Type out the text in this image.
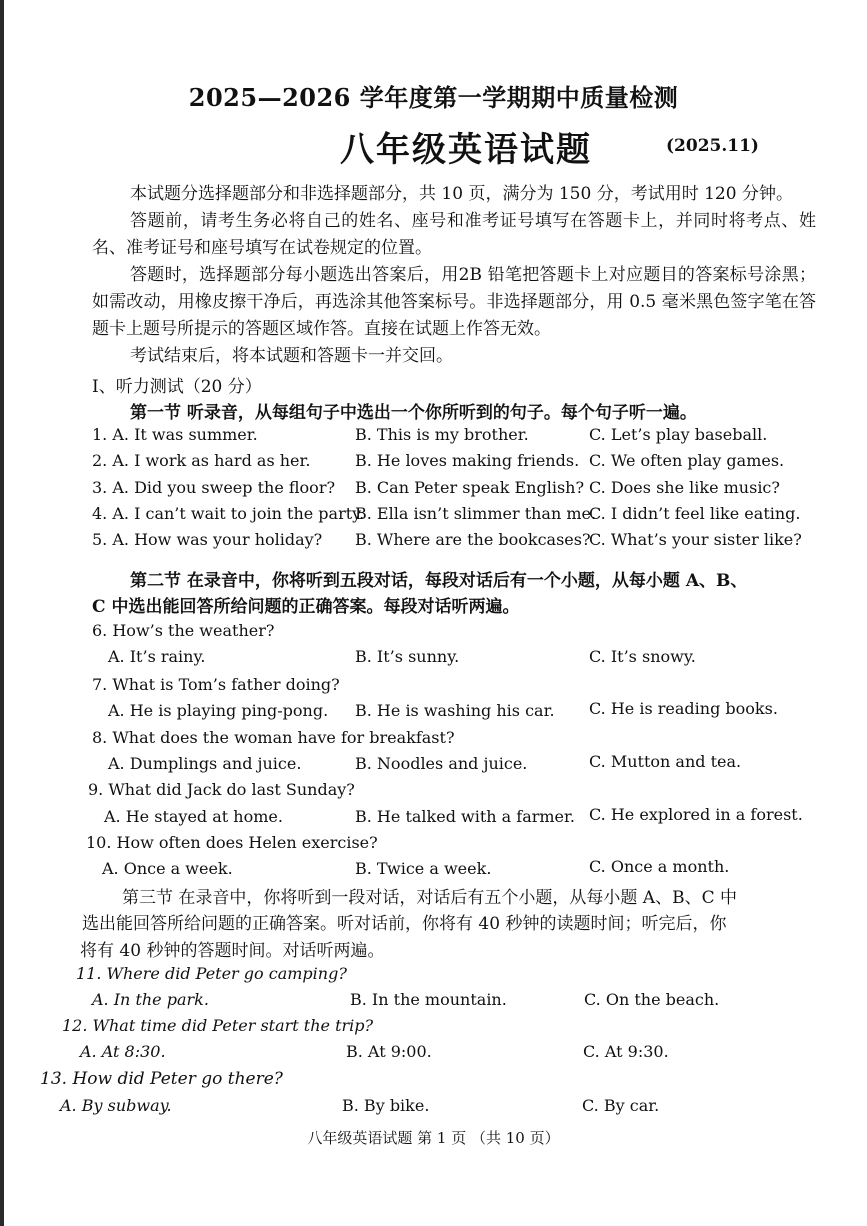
2025—2026 学年度第一学期期中质量检测
八年级英语试题	(2025.11)
本试题分选择题部分和非选择题部分，共 10 页，满分为 150 分，考试用时 120 分钟。
答题前，请考生务必将自己的姓名、座号和准考证号填写在答题卡上，并同时将考点、姓名、准考证号和座号填写在试卷规定的位置。
答题时，选择题部分每小题选出答案后，用2B 铅笔把答题卡上对应题目的答案标号涂黑；如需改动，用橡皮擦干净后，再选涂其他答案标号。非选择题部分，用 0.5 毫米黑色签字笔在答题卡上题号所提示的答题区域作答。直接在试题上作答无效。
考试结束后，将本试题和答题卡一并交回。
I、听力测试（20 分）
第一节 听录音，从每组句子中选出一个你所听到的句子。每个句子听一遍。
1. A. It was summer.	B. This is my brother.	C. Let’s play baseball.
2. A. I work as hard as her.	B. He loves making friends. C. We often play games.
3. A. Did you sweep the floor? B. Can Peter speak English? C. Does she like music?
4. A. I can’t wait to join the party.
B. Ella isn’t slimmer than me.
C. I didn’t feel like eating.
5. A. How was your holiday? B. Where are the bookcases?
C. What’s your sister like?
第二节 在录音中，你将听到五段对话，每段对话后有一个小题，从每小题 A、B、
C 中选出能回答所给问题的正确答案。每段对话听两遍。
6. How’s the weather?
A. It’s rainy.	B. It’s sunny.	C. It’s snowy.
7. What is Tom’s father doing?
A. He is playing ping-pong. B. He is washing his car. C. He is reading books.
8. What does the woman have for breakfast?
A. Dumplings and juice.	B. Noodles and juice.	C. Mutton and tea.
9. What did Jack do last Sunday?
A. He stayed at home.	B. He talked with a farmer. C. He explored in a forest.
10. How often does Helen exercise?
A. Once a week.	B. Twice a week.	C. Once a month.
第三节 在录音中，你将听到一段对话，对话后有五个小题，从每小题 A、B、C 中
选出能回答所给问题的正确答案。听对话前，你将有 40 秒钟的读题时间；听完后，你
将有 40 秒钟的答题时间。对话听两遍。
11. Where did Peter go camping?
A. In the park.	B. In the mountain.	C. On the beach.
12. What time did Peter start the trip?
A. At 8:30.	B. At 9:00.	C. At 9:30.
13. How did Peter go there?
A. By subway.	B. By bike.	C. By car.
八年级英语试题 第 1 页 （共 10 页）
